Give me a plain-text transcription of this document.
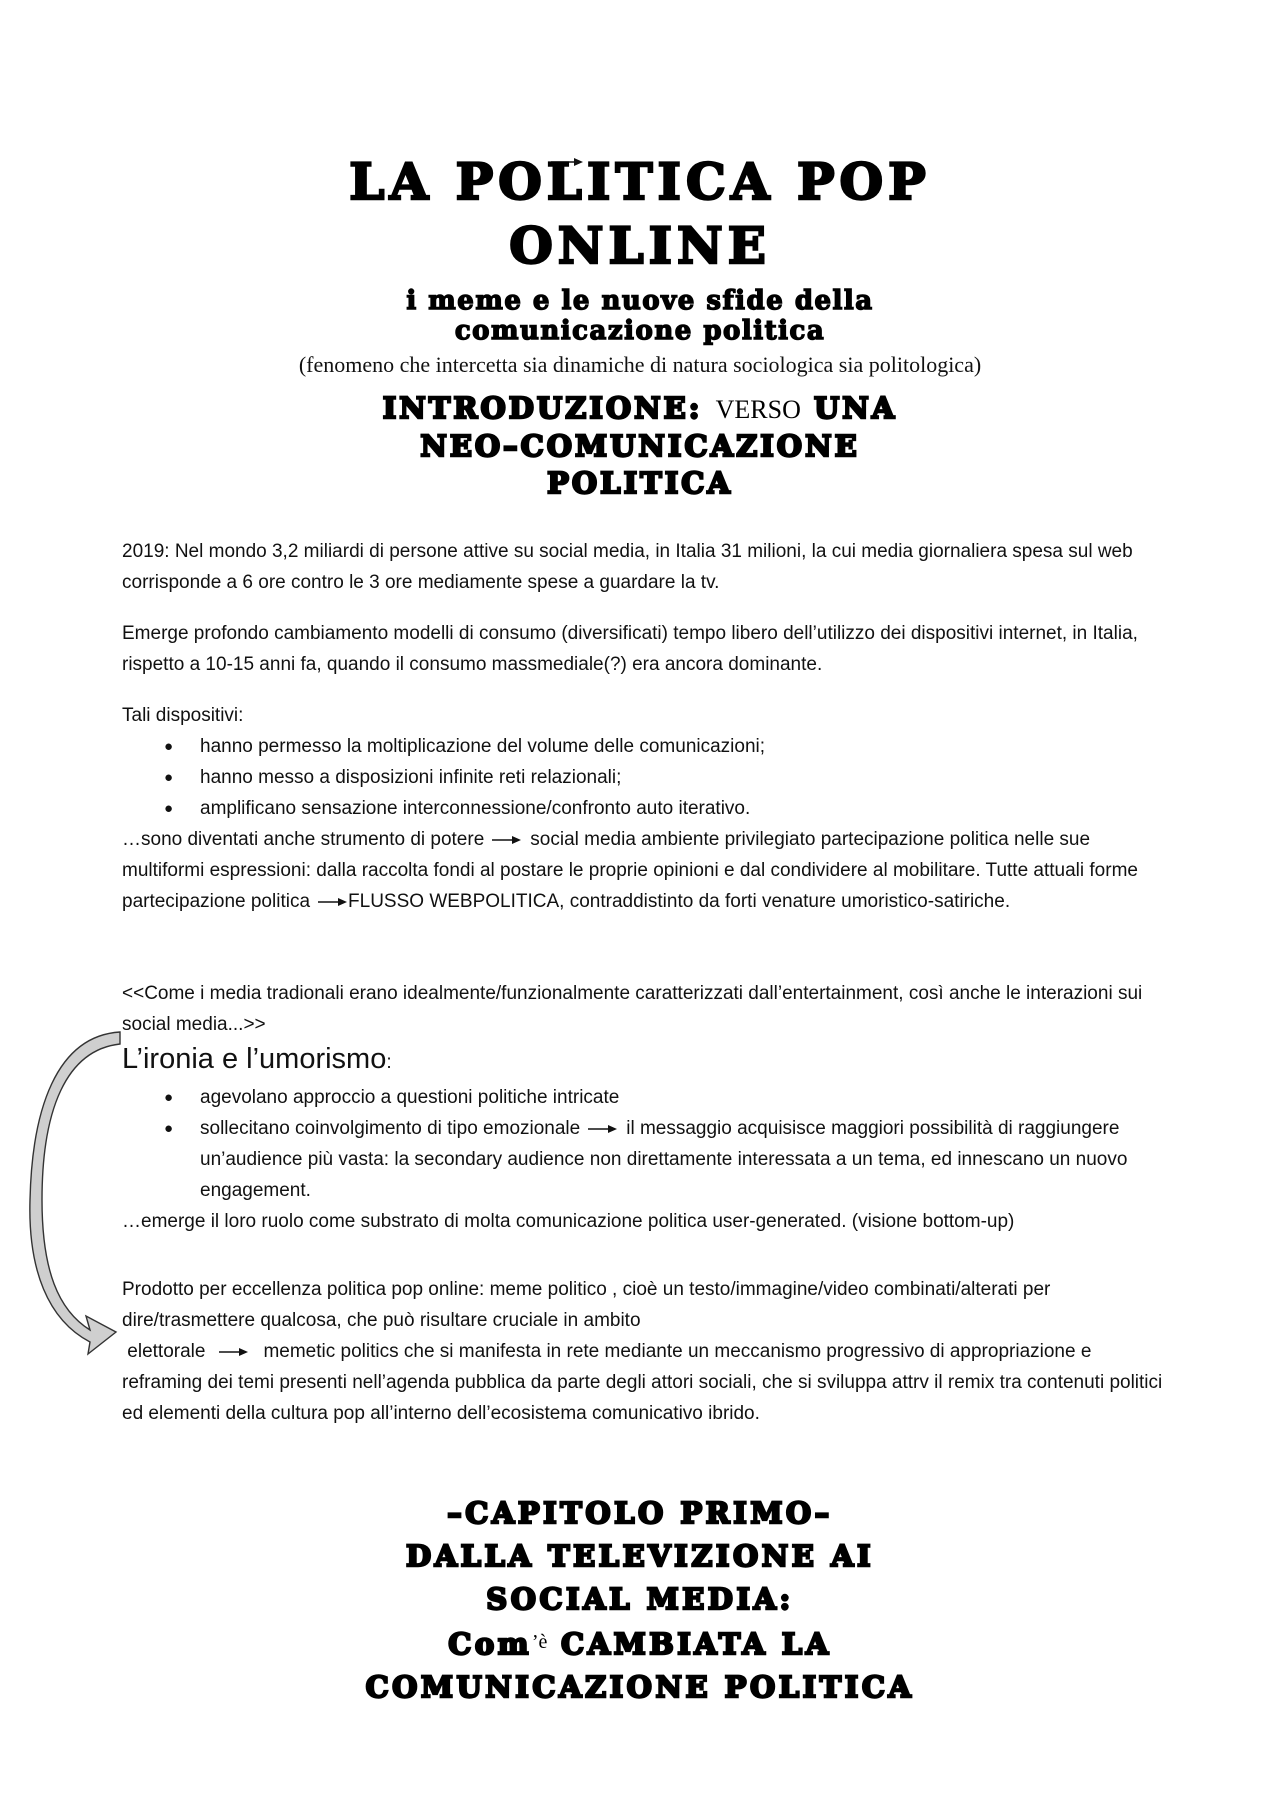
LA POLITICA POP
ONLINE
i meme e le nuove sfide della
comunicazione politica

(fenomeno che intercetta sia dinamiche di natura sociologica sia politologica)

INTRODUZIONE: VERSO UNA
NEO–COMUNICAZIONE
POLITICA

2019: Nel mondo 3,2 miliardi di persone attive su social media, in Italia 31 milioni, la cui media giornaliera spesa sul web corrisponde a 6 ore contro le 3 ore mediamente spese a guardare la tv.

Emerge profondo cambiamento modelli di consumo (diversificati) tempo libero dell’utilizzo dei dispositivi internet, in Italia, rispetto a 10-15 anni fa, quando il consumo massmediale(?) era ancora dominante.

Tali dispositivi:

● hanno permesso la moltiplicazione del volume delle comunicazioni;
● hanno messo a disposizioni infinite reti relazionali;
● amplificano sensazione interconnessione/confronto auto iterativo.

…sono diventati anche strumento di potere social media ambiente privilegiato partecipazione politica nelle sue multiformi espressioni: dalla raccolta fondi al postare le proprie opinioni e dal condividere al mobilitare. Tutte attuali forme partecipazione politica FLUSSO WEBPOLITICA, contraddistinto da forti venature umoristico-satiriche.

<<Come i media tradionali erano idealmente/funzionalmente caratterizzati dall’entertainment, così anche le interazioni sui social media...>>

L’ironia e l’umorismo:

● agevolano approccio a questioni politiche intricate
● sollecitano coinvolgimento di tipo emozionale il messaggio acquisisce maggiori possibilità di raggiungere un’audience più vasta: la secondary audience non direttamente interessata a un tema, ed innescano un nuovo engagement.

…emerge il loro ruolo come substrato di molta comunicazione politica user-generated. (visione bottom-up)

Prodotto per eccellenza politica pop online: meme politico , cioè un testo/immagine/video combinati/alterati per dire/trasmettere qualcosa, che può risultare cruciale in ambito
elettorale	memetic politics che si manifesta in rete mediante un meccanismo progressivo di appropriazione e reframing dei temi presenti nell’agenda pubblica da parte degli attori sociali, che si sviluppa attrv il remix tra contenuti politici ed elementi della cultura pop all’interno dell’ecosistema comunicativo ibrido.

–CAPITOLO PRIMO–
DALLA TELEVIZIONE AI
SOCIAL MEDIA:
Com$^{’è}$ CAMBIATA LA
COMUNICAZIONE POLITICA
